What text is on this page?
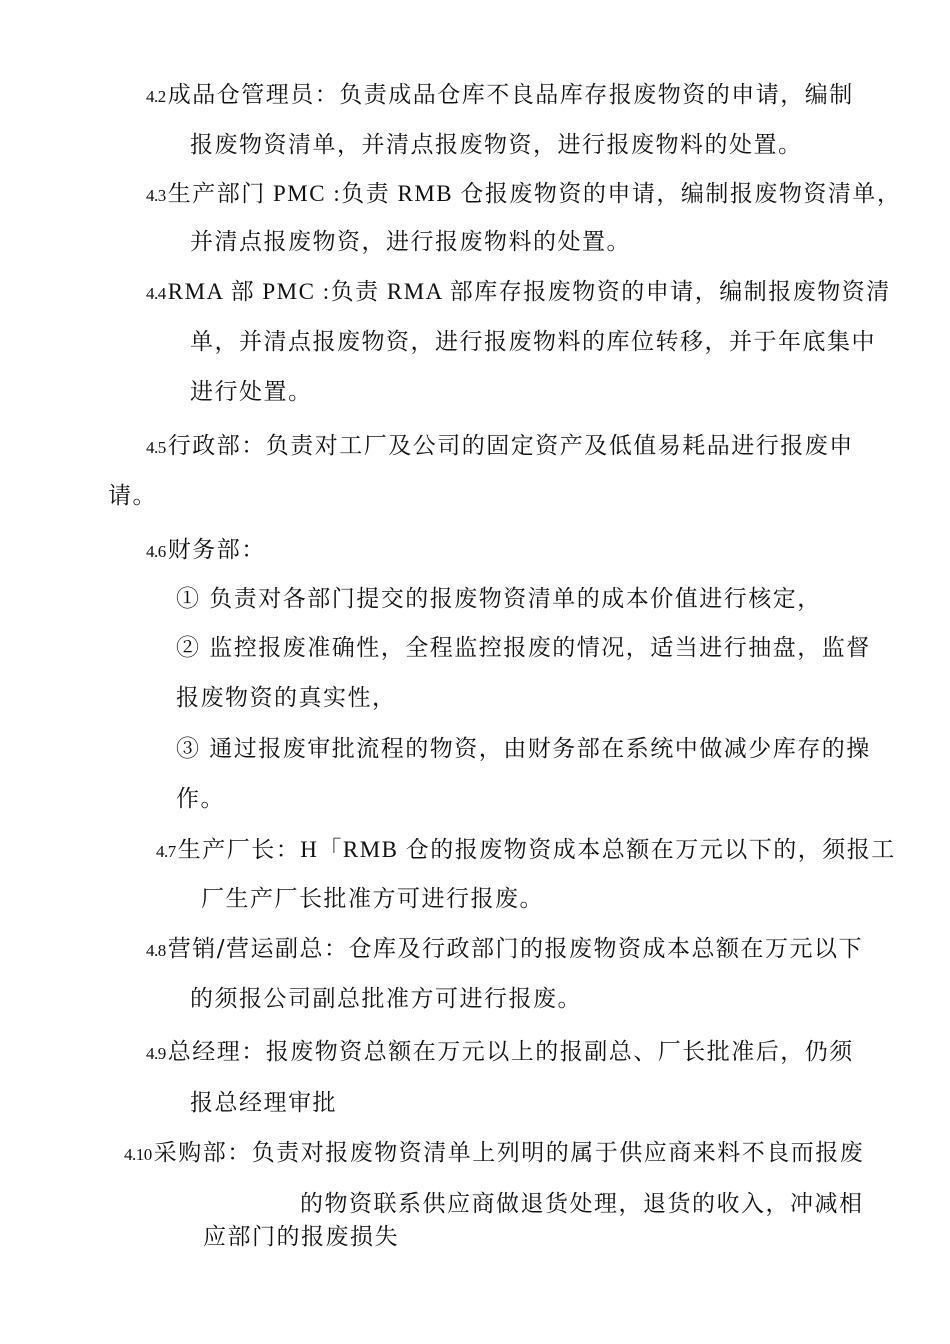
4.2成品仓管理员：负责成品仓库不良品库存报废物资的申请，编制
报废物资清单，并清点报废物资，进行报废物料的处置。
4.3生产部门 PMC :负责 RMB 仓报废物资的申请，编制报废物资清单，
并清点报废物资，进行报废物料的处置。
4.4RMA 部 PMC :负责 RMA 部库存报废物资的申请，编制报废物资清
单，并清点报废物资，进行报废物料的库位转移，并于年底集中
进行处置。
4.5行政部：负责对工厂及公司的固定资产及低值易耗品进行报废申
请。
4.6财务部：
① 负责对各部门提交的报废物资清单的成本价值进行核定，
② 监控报废准确性，全程监控报废的情况，适当进行抽盘，监督
报废物资的真实性，
③ 通过报废审批流程的物资，由财务部在系统中做减少库存的操
作。
4.7生产厂长：H「RMB 仓的报废物资成本总额在万元以下的，须报工
厂生产厂长批准方可进行报废。
4.8营销/营运副总：仓库及行政部门的报废物资成本总额在万元以下
的须报公司副总批准方可进行报废。
4.9总经理：报废物资总额在万元以上的报副总、厂长批准后，仍须
报总经理审批
4.10采购部：负责对报废物资清单上列明的属于供应商来料不良而报废
的物资联系供应商做退货处理，退货的收入，冲减相
应部门的报废损失
